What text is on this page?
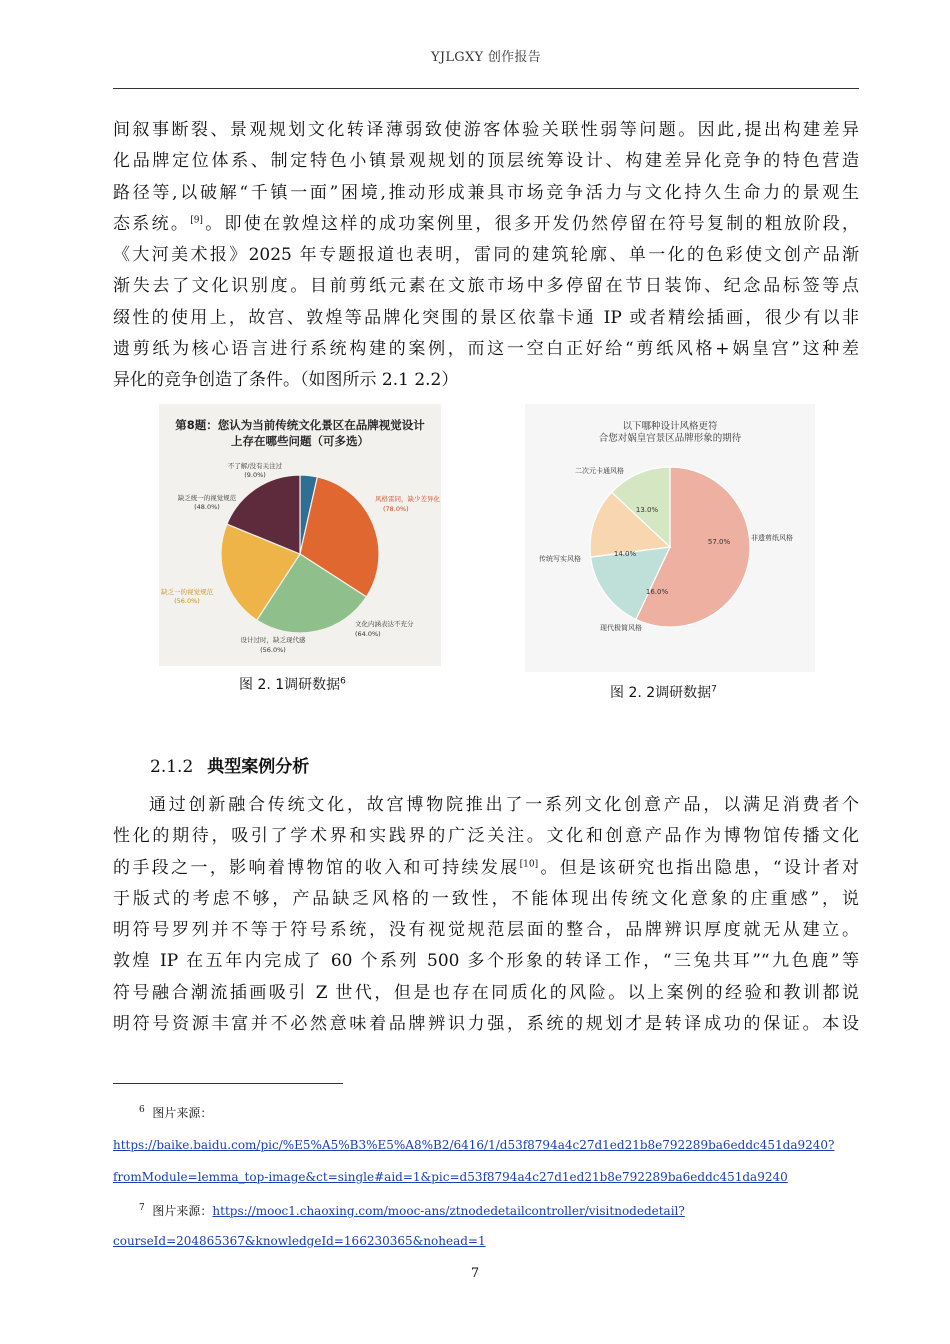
YJLGXY 创作报告
间叙事断裂、景观规划文化转译薄弱致使游客体验关联性弱等问题。因此,提出构建差异
化品牌定位体系、制定特色小镇景观规划的顶层统筹设计、构建差异化竞争的特色营造
路径等,以破解“千镇一面”困境,推动形成兼具市场竞争活力与文化持久生命力的景观生
态系统。[9]。即使在敦煌这样的成功案例里，很多开发仍然停留在符号复制的粗放阶段，
《大河美术报》2025 年专题报道也表明，雷同的建筑轮廓、单一化的色彩使文创产品渐
渐失去了文化识别度。目前剪纸元素在文旅市场中多停留在节日装饰、纪念品标签等点
缀性的使用上，故宫、敦煌等品牌化突围的景区依靠卡通 IP 或者精绘插画，很少有以非
遗剪纸为核心语言进行系统构建的案例，而这一空白正好给“剪纸风格+娲皇宫”这种差
异化的竞争创造了条件。（如图所示 2.1 2.2）
第8题：您认为当前传统文化景区在品牌视觉设计
上存在哪些问题（可多选）
不了解/没有关注过
(9.0%)
风格雷同，缺少差异化
(78.0%)
缺乏统一的视觉规范
(48.0%)
缺乏一的视觉规范
(56.0%)
文化内涵表达不充分
(64.0%)
设计过时，缺乏现代感
(56.0%)
图 2. 1调研数据$^6$
以下哪种设计风格更符
合您对娲皇宫景区品牌形象的期待
非遗剪纸风格
现代极简风格
传统写实风格
二次元卡通风格
57.0%
16.0%
14.0%
13.0%
图 2. 2调研数据$^7$
2.1.2 典型案例分析
通过创新融合传统文化，故宫博物院推出了一系列文化创意产品，以满足消费者个
性化的期待，吸引了学术界和实践界的广泛关注。文化和创意产品作为博物馆传播文化
的手段之一，影响着博物馆的收入和可持续发展[10]。但是该研究也指出隐患，“设计者对
于版式的考虑不够，产品缺乏风格的一致性，不能体现出传统文化意象的庄重感”，说
明符号罗列并不等于符号系统，没有视觉规范层面的整合，品牌辨识厚度就无从建立。
敦煌 IP 在五年内完成了 60 个系列 500 多个形象的转译工作，“三兔共耳”“九色鹿”等
符号融合潮流插画吸引 Z 世代，但是也存在同质化的风险。以上案例的经验和教训都说
明符号资源丰富并不必然意味着品牌辨识力强，系统的规划才是转译成功的保证。本设
$^6$ 图片来源：
https://baike.baidu.com/pic/%E5%A5%B3%E5%A8%B2/6416/1/d53f8794a4c27d1ed21b8e792289ba6eddc451da9240?
fromModule=lemma_top-image&ct=single#aid=1&pic=d53f8794a4c27d1ed21b8e792289ba6eddc451da9240
$^7$ 图片来源：https://mooc1.chaoxing.com/mooc-ans/ztnodedetailcontroller/visitnodedetail?
courseId=204865367&knowledgeId=166230365&nohead=1
7
